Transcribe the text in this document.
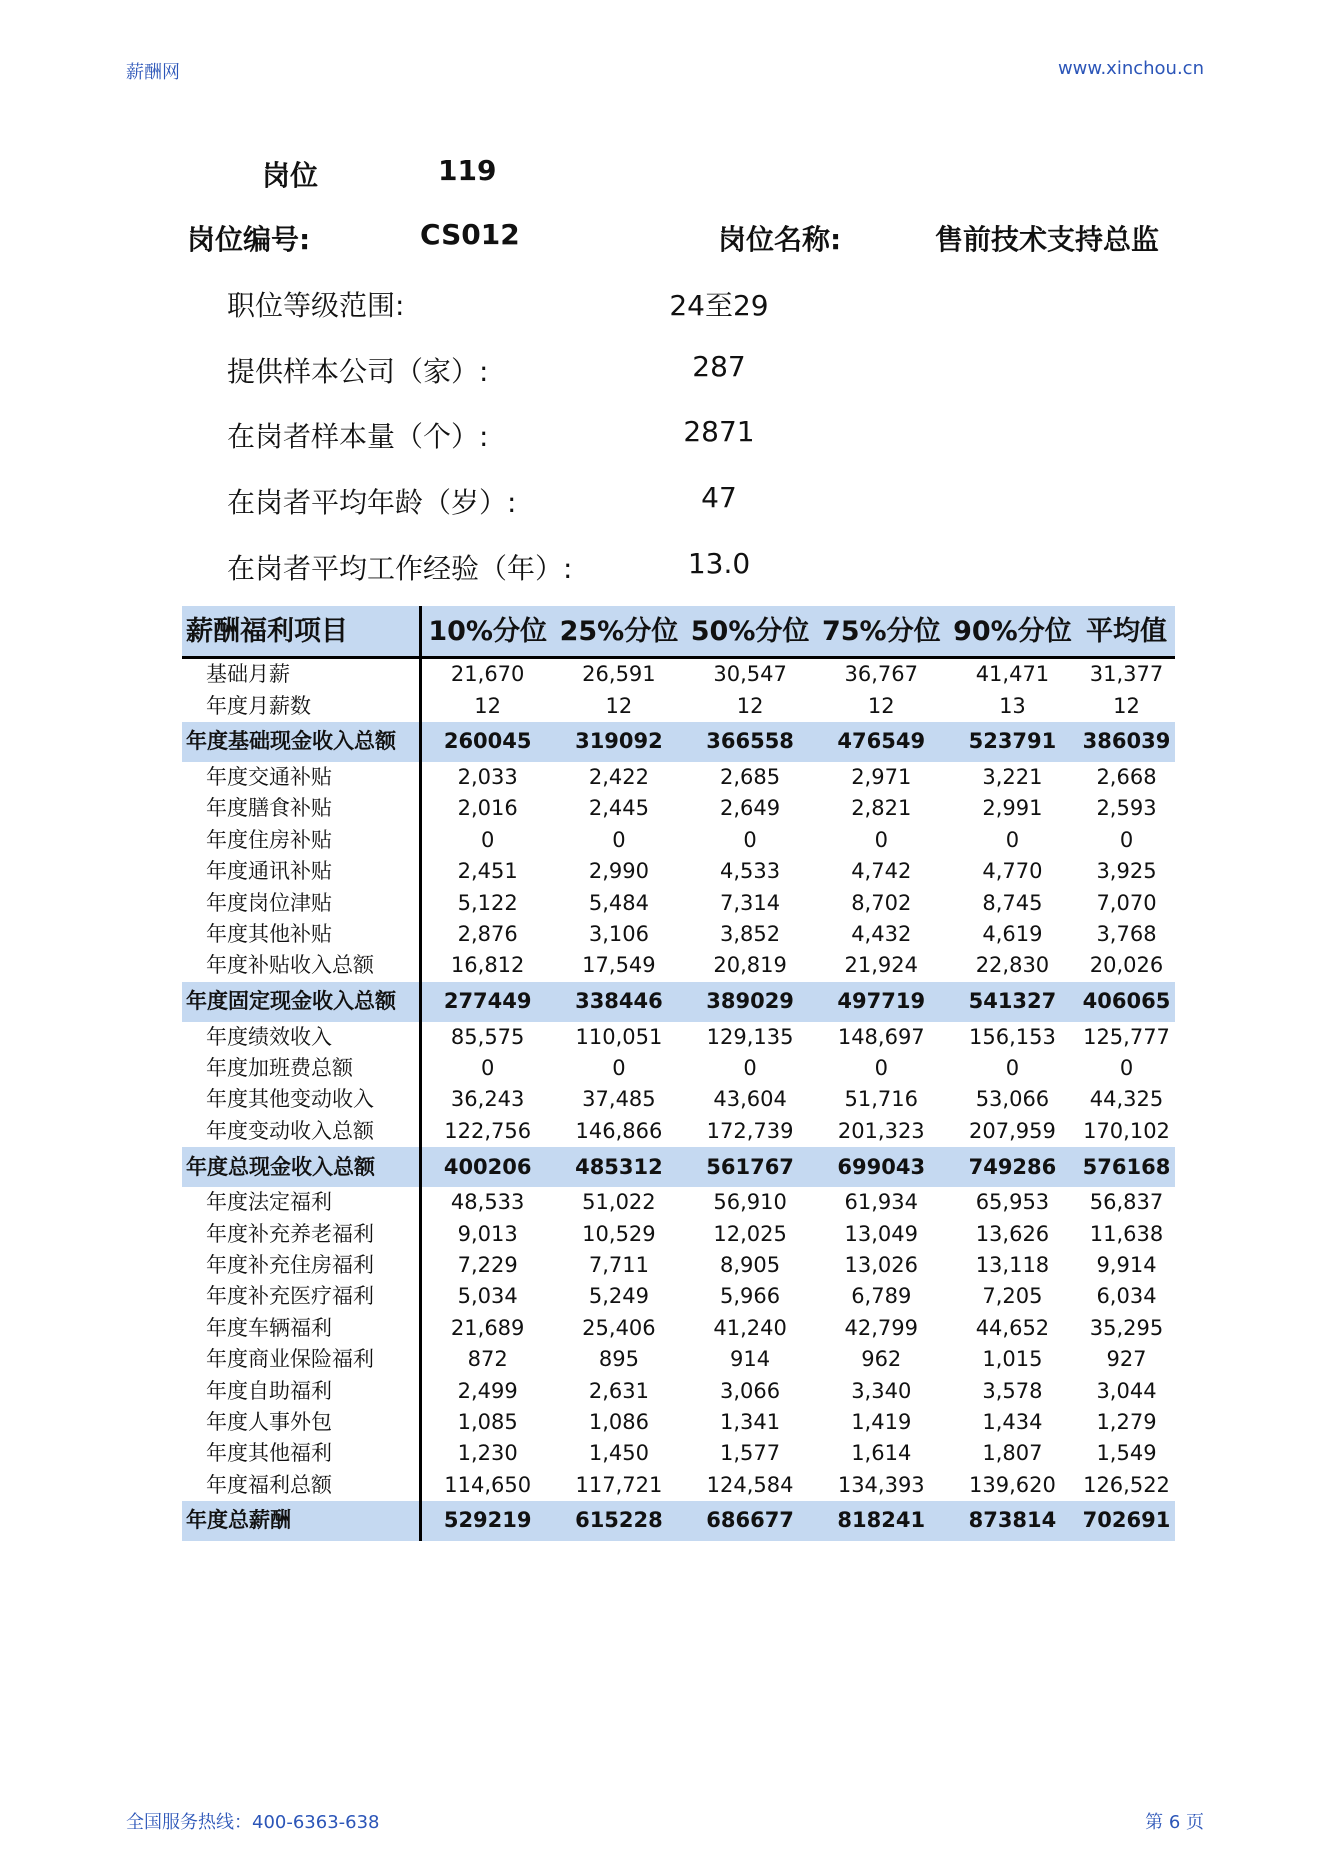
薪酬网	www.xinchou.cn
岗位	119
岗位编号:	CS012	岗位名称:	售前技术支持总监
职位等级范围:	24至29
提供样本公司（家）:	287
在岗者样本量（个）:	2871
在岗者平均年龄（岁）:	47
在岗者平均工作经验（年）:	13.0
薪酬福利项目	10%分位	25%分位	50%分位	75%分位	90%分位	平均值
基础月薪	21,670	26,591	30,547	36,767	41,471	31,377
年度月薪数	12	12	12	12	13	12
年度基础现金收入总额	260045	319092	366558	476549	523791	386039
年度交通补贴	2,033	2,422	2,685	2,971	3,221	2,668
年度膳食补贴	2,016	2,445	2,649	2,821	2,991	2,593
年度住房补贴	0	0	0	0	0	0
年度通讯补贴	2,451	2,990	4,533	4,742	4,770	3,925
年度岗位津贴	5,122	5,484	7,314	8,702	8,745	7,070
年度其他补贴	2,876	3,106	3,852	4,432	4,619	3,768
年度补贴收入总额	16,812	17,549	20,819	21,924	22,830	20,026
年度固定现金收入总额	277449	338446	389029	497719	541327	406065
年度绩效收入	85,575	110,051	129,135	148,697	156,153	125,777
年度加班费总额	0	0	0	0	0	0
年度其他变动收入	36,243	37,485	43,604	51,716	53,066	44,325
年度变动收入总额	122,756	146,866	172,739	201,323	207,959	170,102
年度总现金收入总额	400206	485312	561767	699043	749286	576168
年度法定福利	48,533	51,022	56,910	61,934	65,953	56,837
年度补充养老福利	9,013	10,529	12,025	13,049	13,626	11,638
年度补充住房福利	7,229	7,711	8,905	13,026	13,118	9,914
年度补充医疗福利	5,034	5,249	5,966	6,789	7,205	6,034
年度车辆福利	21,689	25,406	41,240	42,799	44,652	35,295
年度商业保险福利	872	895	914	962	1,015	927
年度自助福利	2,499	2,631	3,066	3,340	3,578	3,044
年度人事外包	1,085	1,086	1,341	1,419	1,434	1,279
年度其他福利	1,230	1,450	1,577	1,614	1,807	1,549
年度福利总额	114,650	117,721	124,584	134,393	139,620	126,522
年度总薪酬	529219	615228	686677	818241	873814	702691
全国服务热线：400-6363-638	第 6 页
